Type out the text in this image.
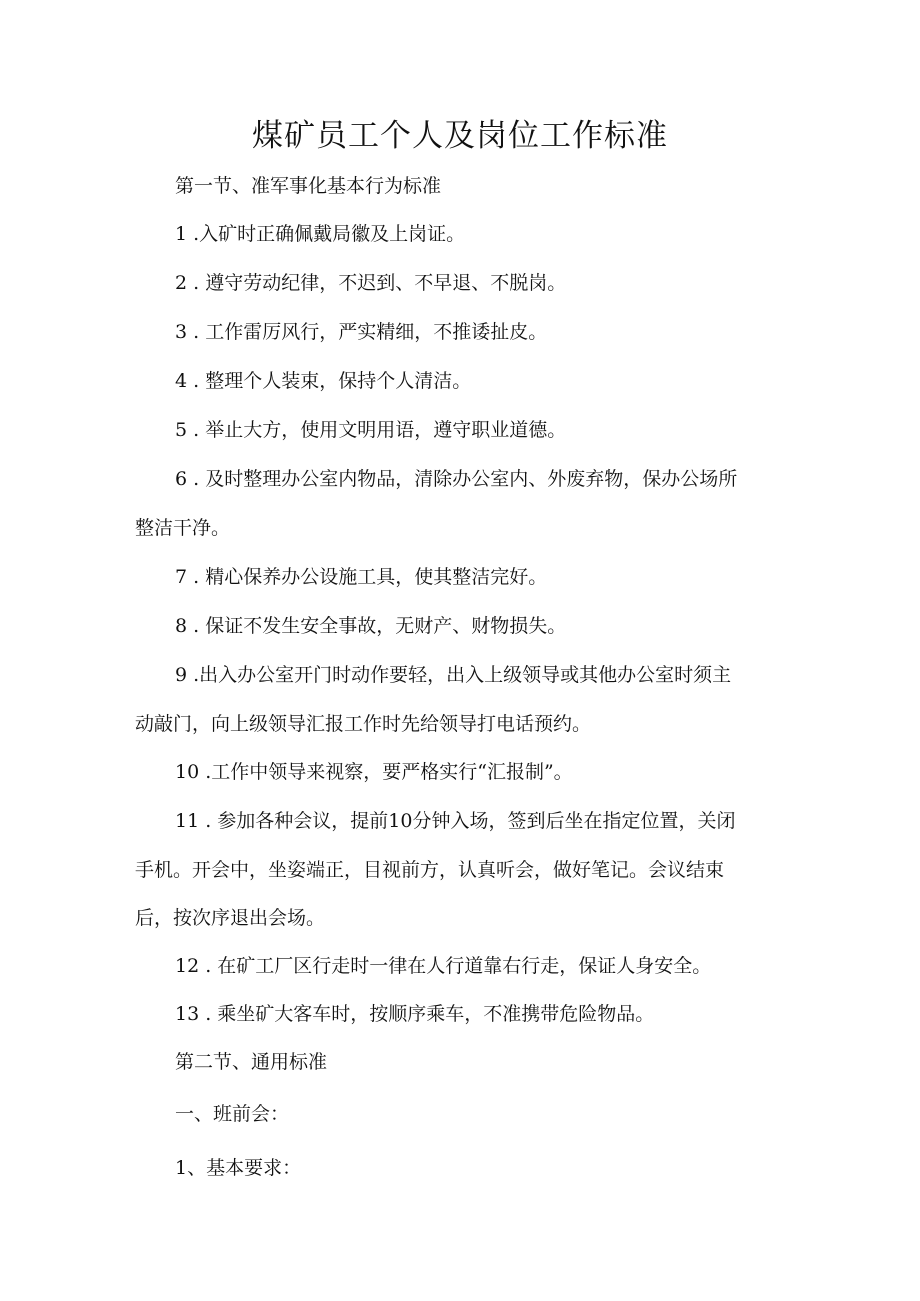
煤矿员工个人及岗位工作标准

第一节、准军事化基本行为标准

1 .入矿时正确佩戴局徽及上岗证。

2 . 遵守劳动纪律，不迟到、不早退、不脱岗。

3 . 工作雷厉风行，严实精细，不推诿扯皮。

4 . 整理个人装束，保持个人清洁。

5 . 举止大方，使用文明用语，遵守职业道德。

6 . 及时整理办公室内物品，清除办公室内、外废弃物，保办公场所

整洁干净。

7 . 精心保养办公设施工具，使其整洁完好。

8 . 保证不发生安全事故，无财产、财物损失。

9 .出入办公室开门时动作要轻，出入上级领导或其他办公室时须主

动敲门，向上级领导汇报工作时先给领导打电话预约。

10 .工作中领导来视察，要严格实行“汇报制”。

11 . 参加各种会议，提前10分钟入场，签到后坐在指定位置，关闭

手机。开会中，坐姿端正，目视前方，认真听会，做好笔记。会议结束

后，按次序退出会场。

12 . 在矿工厂区行走时一律在人行道靠右行走，保证人身安全。

13 . 乘坐矿大客车时，按顺序乘车，不准携带危险物品。

第二节、通用标准

一、班前会：

1、基本要求：
